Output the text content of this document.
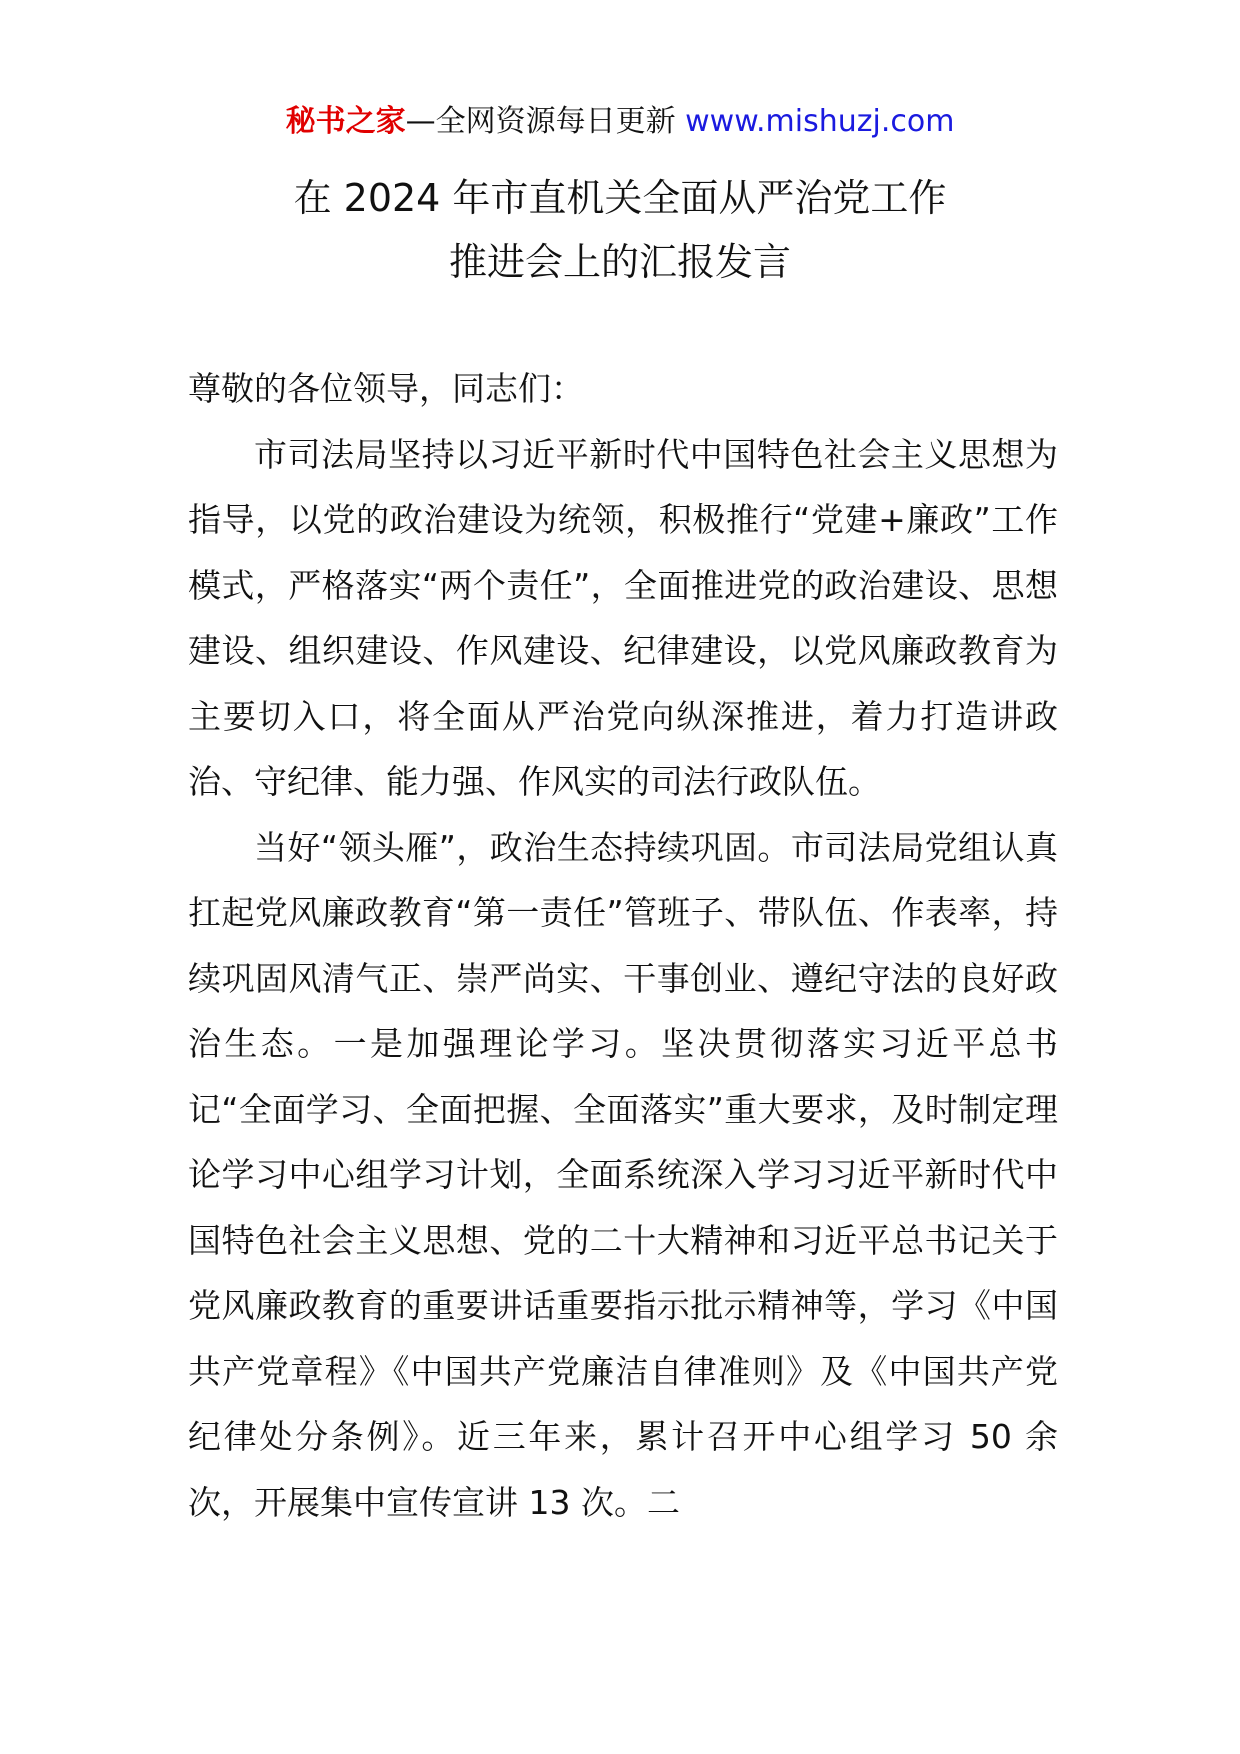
秘书之家—全网资源每日更新 www.mishuzj.com
在 2024 年市直机关全面从严治党工作
推进会上的汇报发言

尊敬的各位领导，同志们：

市司法局坚持以习近平新时代中国特色社会主义思想为指导，以党的政治建设为统领，积极推行“党建+廉政”工作模式，严格落实“两个责任”，全面推进党的政治建设、思想建设、组织建设、作风建设、纪律建设，以党风廉政教育为主要切入口，将全面从严治党向纵深推进，着力打造讲政治、守纪律、能力强、作风实的司法行政队伍。

当好“领头雁”，政治生态持续巩固。市司法局党组认真扛起党风廉政教育“第一责任”管班子、带队伍、作表率，持续巩固风清气正、崇严尚实、干事创业、遵纪守法的良好政治生态。一是加强理论学习。坚决贯彻落实习近平总书记“全面学习、全面把握、全面落实”重大要求，及时制定理论学习中心组学习计划，全面系统深入学习习近平新时代中国特色社会主义思想、党的二十大精神和习近平总书记关于党风廉政教育的重要讲话重要指示批示精神等，学习《中国共产党章程》《中国共产党廉洁自律准则》及《中国共产党纪律处分条例》。近三年来，累计召开中心组学习 50 余次，开展集中宣传宣讲 13 次。二
